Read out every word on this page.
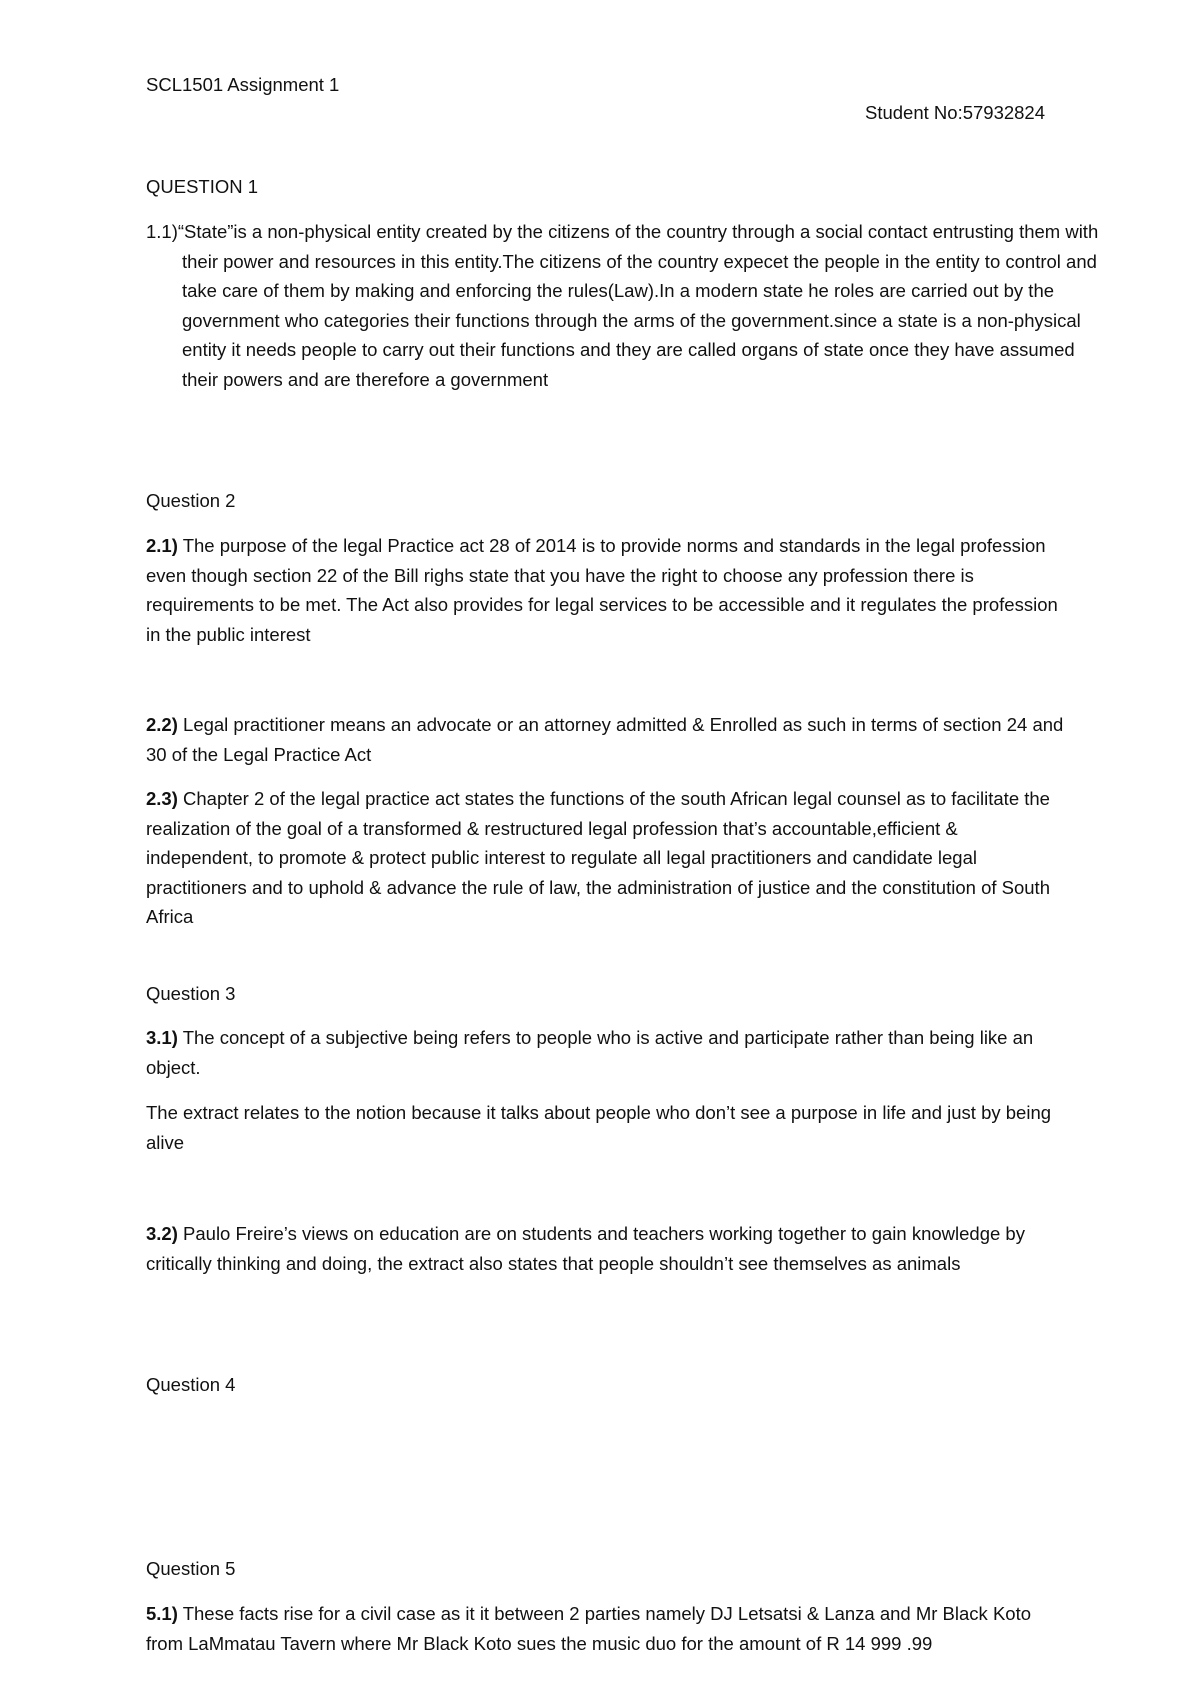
SCL1501 Assignment 1

Student No:57932824

QUESTION 1

1.1)“State”is a non-physical entity created by the citizens of the country through a social contact entrusting them with their power and resources in this entity.The citizens of the country expecet the people in the entity to control and take care of them by making and enforcing the rules(Law).In a modern state he roles are carried out by the government who categories their functions through the arms of the government.since a state is a non-physical entity it needs people to carry out their functions and they are called organs of state once they have assumed their powers and are therefore a government

Question 2

2.1) The purpose of the legal Practice act 28 of 2014 is to provide norms and standards in the legal profession even though section 22 of the Bill righs state that you have the right to choose any profession there is requirements to be met. The Act also provides for legal services to be accessible and it regulates the profession in the public interest

2.2) Legal practitioner means an advocate or an attorney admitted & Enrolled as such in terms of section 24 and 30 of the Legal Practice Act

2.3) Chapter 2 of the legal practice act states the functions of the south African legal counsel as to facilitate the realization of the goal of a transformed & restructured legal profession that’s accountable,efficient & independent, to promote & protect public interest to regulate all legal practitioners and candidate legal practitioners and to uphold & advance the rule of law, the administration of justice and the constitution of South Africa

Question 3

3.1) The concept of a subjective being refers to people who is active and participate rather than being like an object.

The extract relates to the notion because it talks about people who don’t see a purpose in life and just by being alive

3.2) Paulo Freire’s views on education are on students and teachers working together to gain knowledge by critically thinking and doing, the extract also states that people shouldn’t see themselves as animals

Question 4

Question 5

5.1) These facts rise for a civil case as it it between 2 parties namely DJ Letsatsi & Lanza and Mr Black Koto from LaMmatau Tavern where Mr Black Koto sues the music duo for the amount of R 14 999 .99
